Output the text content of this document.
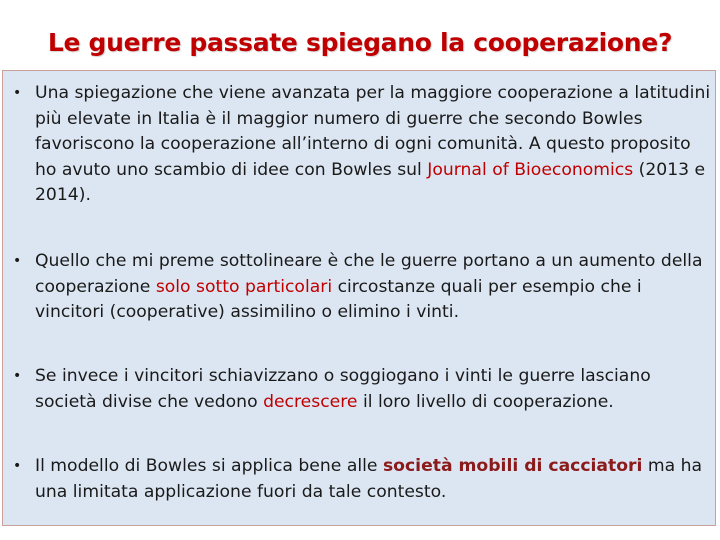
Le guerre passate spiegano la cooperazione?
• Una spiegazione che viene avanzata per la maggiore cooperazione a latitudini più elevate in Italia è il maggior numero di guerre che secondo Bowles favoriscono la cooperazione all’interno di ogni comunità. A questo proposito ho avuto uno scambio di idee con Bowles sul Journal of Bioeconomics (2013 e 2014).
• Quello che mi preme sottolineare è che le guerre portano a un aumento della cooperazione solo sotto particolari circostanze quali per esempio che i vincitori (cooperative) assimilino o elimino i vinti.
• Se invece i vincitori schiavizzano o soggiogano i vinti le guerre lasciano società divise che vedono decrescere il loro livello di cooperazione.
• Il modello di Bowles si applica bene alle società mobili di cacciatori ma ha una limitata applicazione fuori da tale contesto.
